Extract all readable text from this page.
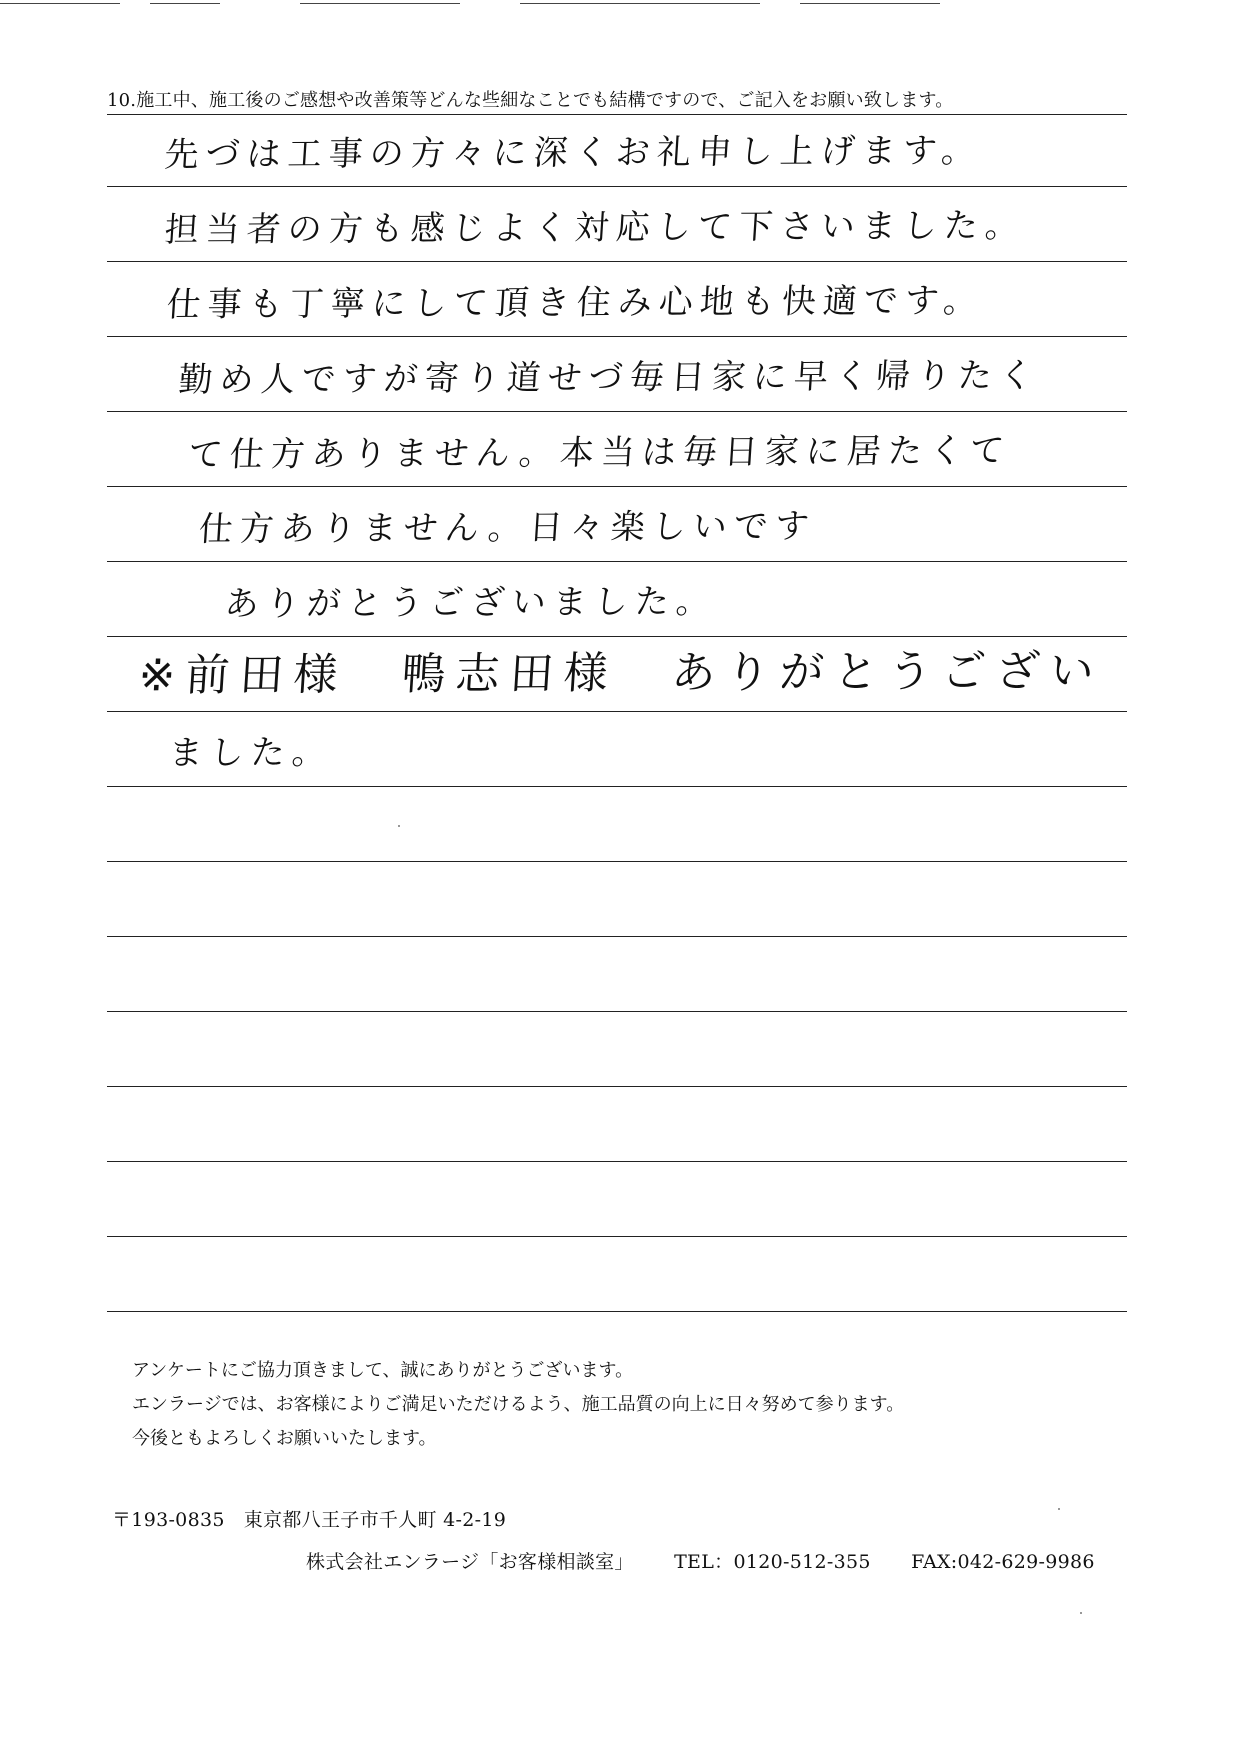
10.施工中、施工後のご感想や改善策等どんな些細なことでも結構ですので、ご記入をお願い致します。
先づは工事の方々に深くお礼申し上げます。
担当者の方も感じよく対応して下さいました。
仕事も丁寧にして頂き住み心地も快適です。
勤め人ですが寄り道せづ毎日家に早く帰りたく
て仕方ありません。本当は毎日家に居たくて
仕方ありません。日々楽しいです
ありがとうございました。
※前田様　鴨志田様　ありがとうござい
ました。
アンケートにご協力頂きまして、誠にありがとうございます。
エンラージでは、お客様によりご満足いただけるよう、施工品質の向上に日々努めて参ります。
今後ともよろしくお願いいたします。
〒193-0835 東京都八王子市千人町 4-2-19
株式会社エンラージ「お客様相談室」 TEL：0120-512-355 FAX:042-629-9986
